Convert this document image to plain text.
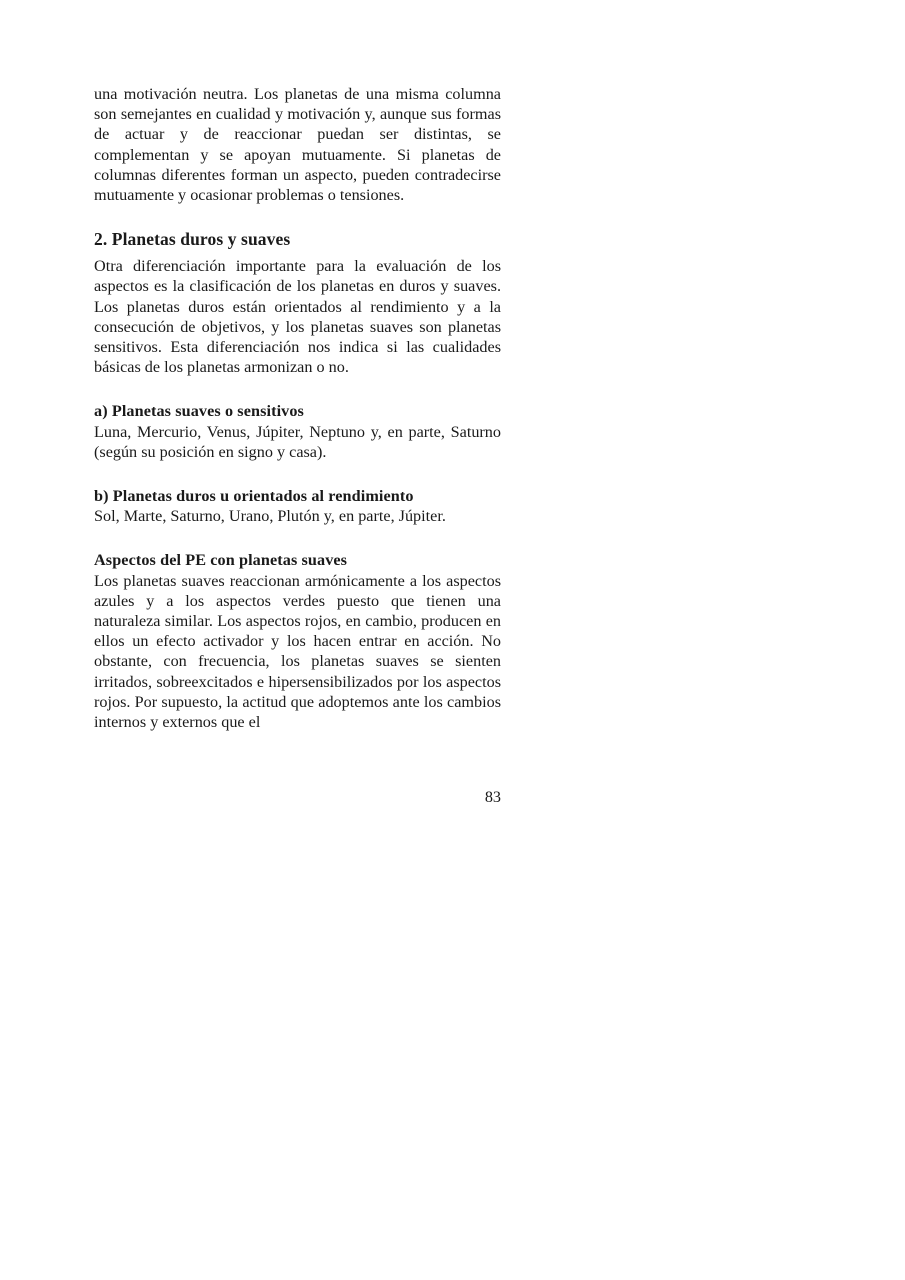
una motivación neutra. Los planetas de una misma columna son semejantes en cualidad y motivación y, aunque sus formas de actuar y de reaccionar puedan ser distintas, se complementan y se apoyan mutuamente. Si planetas de columnas diferentes forman un aspecto, pueden contradecirse mutuamente y ocasionar problemas o tensiones.

2. Planetas duros y suaves

Otra diferenciación importante para la evaluación de los aspectos es la clasificación de los planetas en duros y suaves. Los planetas duros están orientados al rendimiento y a la consecución de objetivos, y los planetas suaves son planetas sensitivos. Esta diferenciación nos indica si las cualidades básicas de los planetas armonizan o no.

a) Planetas suaves o sensitivos

Luna, Mercurio, Venus, Júpiter, Neptuno y, en parte, Saturno (según su posición en signo y casa).

b) Planetas duros u orientados al rendimiento

Sol, Marte, Saturno, Urano, Plutón y, en parte, Júpiter.

Aspectos del PE con planetas suaves

Los planetas suaves reaccionan armónicamente a los aspectos azules y a los aspectos verdes puesto que tienen una naturaleza similar. Los aspectos rojos, en cambio, producen en ellos un efecto activador y los hacen entrar en acción. No obstante, con frecuencia, los planetas suaves se sienten irritados, sobreexcitados e hipersensibilizados por los aspectos rojos. Por supuesto, la actitud que adoptemos ante los cambios internos y externos que el

83
